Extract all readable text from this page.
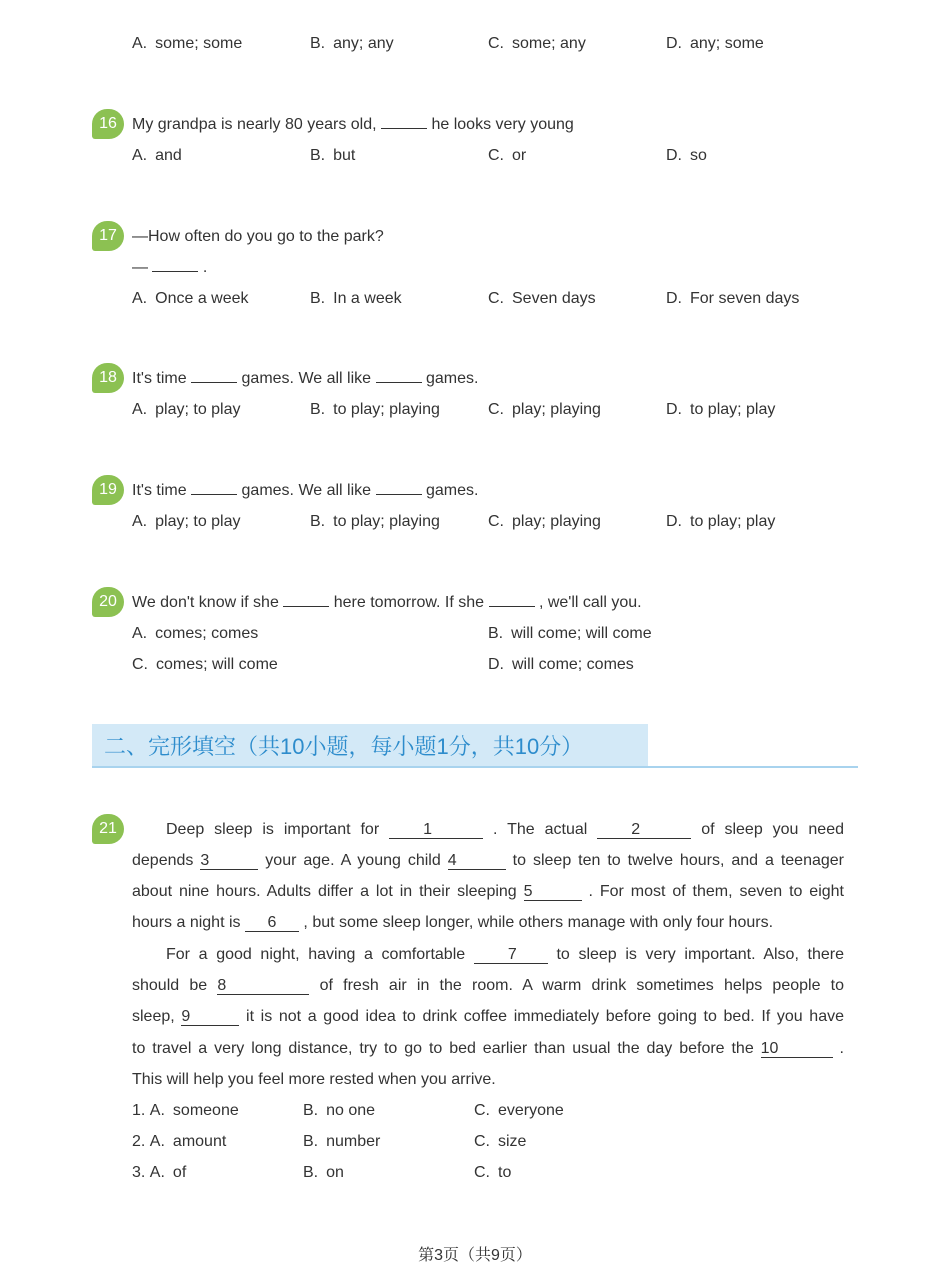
A. some; some	B. any; any	C. some; any	D. any; some
16 My grandpa is nearly 80 years old,	he looks very young
A. and	B. but	C. or	D. so
17 —How often do you go to the park?
—	.
A. Once a week	B. In a week	C. Seven days	D. For seven days
18 It's time	games. We all like	games.
A. play; to play	B. to play; playing	C. play; playing	D. to play; play
19 It's time	games. We all like	games.
A. play; to play	B. to play; playing	C. play; playing	D. to play; play
20 We don't know if she	here tomorrow. If she	, we'll call you.
A. comes; comes	B. will come; will come
C. comes; will come	D. will come; comes
二、完形填空（共10小题，每小题1分，共10分）
21	Deep sleep is important for	1	. The actual	2	of sleep you need
depends 3	your age. A young child 4	to sleep ten to twelve hours, and a teenager
about nine hours. Adults differ a lot in their sleeping 5	. For most of them, seven to eight
hours a night is 6 , but some sleep longer, while others manage with only four hours.
For a good night, having a comfortable	7 to sleep is very important. Also, there
should be 8	of fresh air in the room. A warm drink sometimes helps people to
sleep, 9	it is not a good idea to drink coffee immediately before going to bed. If you have
to travel a very long distance, try to go to bed earlier than usual the day before the 10	.
This will help you feel more rested when you arrive.
1. A. someone	B. no one	C. everyone
2. A. amount	B. number	C. size
3. A. of	B. on	C. to
第3页（共9页）
